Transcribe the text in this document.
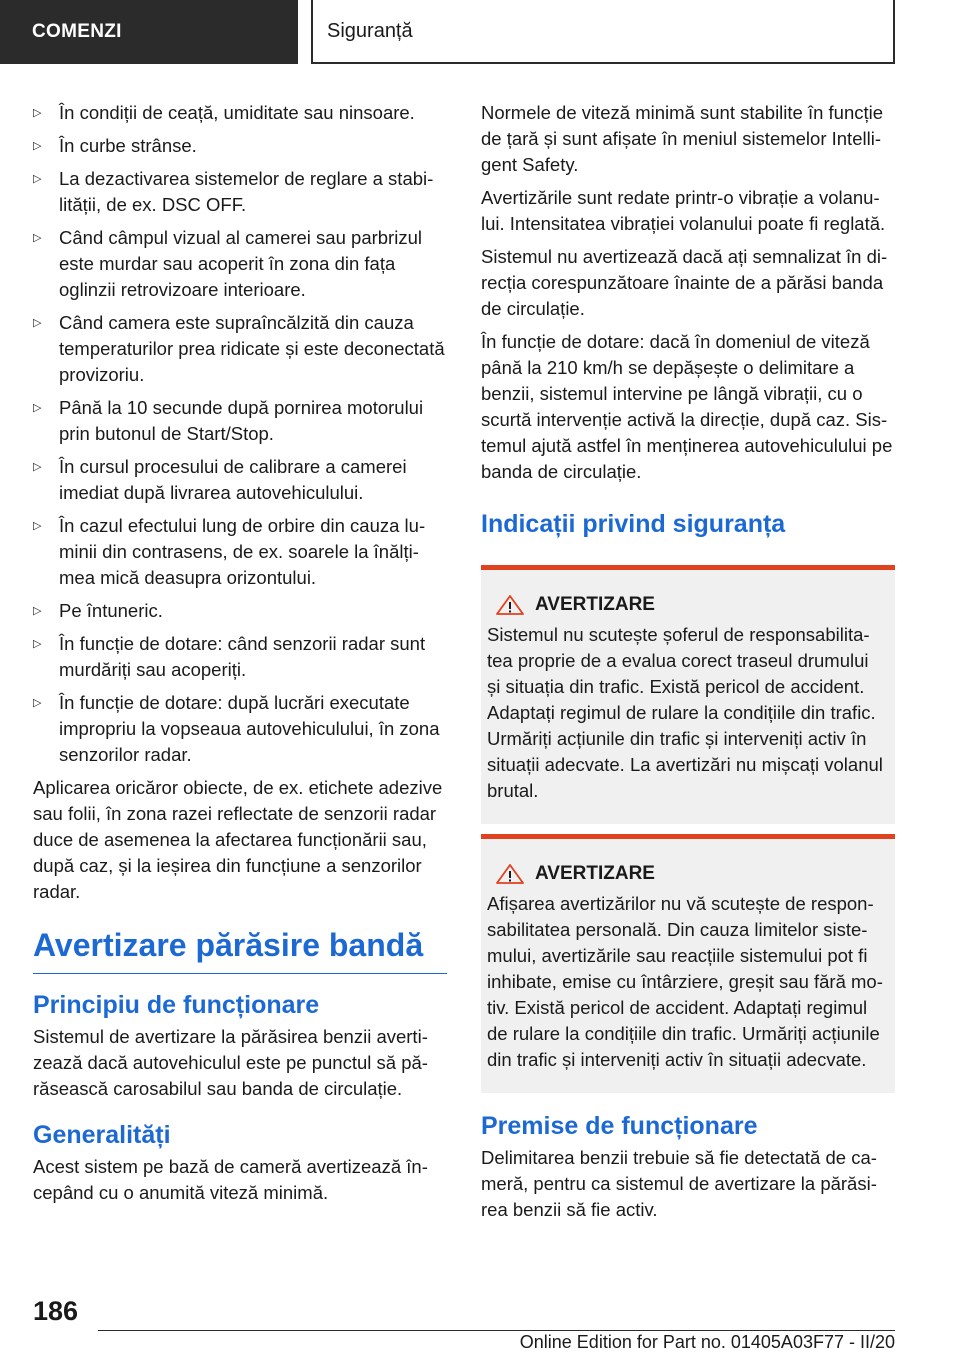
COMENZI	Siguranță
▷ În condiții de ceață, umiditate sau ninsoare.
▷ În curbe strânse.
▷ La dezactivarea sistemelor de reglare a stabilității, de ex. DSC OFF.
▷ Când câmpul vizual al camerei sau parbrizul este murdar sau acoperit în zona din fața oglinzii retrovizoare interioare.
▷ Când camera este supraîncălzită din cauza temperaturilor prea ridicate și este deconectată provizoriu.
▷ Până la 10 secunde după pornirea motorului prin butonul de Start/Stop.
▷ În cursul procesului de calibrare a camerei imediat după livrarea autovehiculului.
▷ În cazul efectului lung de orbire din cauza luminii din contrasens, de ex. soarele la înălțimea mică deasupra orizontului.
▷ Pe întuneric.
▷ În funcție de dotare: când senzorii radar sunt murdăriți sau acoperiți.
▷ În funcție de dotare: după lucrări executate impropriu la vopseaua autovehiculului, în zona senzorilor radar.

Aplicarea oricăror obiecte, de ex. etichete adezive sau folii, în zona razei reflectate de senzorii radar duce de asemenea la afectarea funcționării sau, după caz, și la ieșirea din funcțiune a senzorilor radar.

Avertizare părăsire bandă
Principiu de funcționare

Sistemul de avertizare la părăsirea benzii avertizează dacă autovehiculul este pe punctul să părăsească carosabilul sau banda de circulație.

Generalități

Acest sistem pe bază de cameră avertizează începând cu o anumită viteză minimă.

Normele de viteză minimă sunt stabilite în funcție de țară și sunt afișate în meniul sistemelor Intelligent Safety.

Avertizările sunt redate printr-o vibrație a volanului. Intensitatea vibrației volanului poate fi reglată.

Sistemul nu avertizează dacă ați semnalizat în direcția corespunzătoare înainte de a părăsi banda de circulație.

În funcție de dotare: dacă în domeniul de viteză până la 210 km/h se depășește o delimitare a benzii, sistemul intervine pe lângă vibrații, cu o scurtă intervenție activă la direcție, după caz. Sistemul ajută astfel în menținerea autovehiculului pe banda de circulație.

Indicații privind siguranța
AVERTIZARE

Sistemul nu scutește șoferul de responsabilitatea proprie de a evalua corect traseul drumului și situația din trafic. Există pericol de accident. Adaptați regimul de rulare la condițiile din trafic. Urmăriți acțiunile din trafic și interveniți activ în situații adecvate. La avertizări nu mișcați volanul brutal.

AVERTIZARE

Afișarea avertizărilor nu vă scutește de responsabilitatea personală. Din cauza limitelor sistemului, avertizările sau reacțiile sistemului pot fi inhibate, emise cu întârziere, greșit sau fără motiv. Există pericol de accident. Adaptați regimul de rulare la condițiile din trafic. Urmăriți acțiunile din trafic și interveniți activ în situații adecvate.

Premise de funcționare

Delimitarea benzii trebuie să fie detectată de cameră, pentru ca sistemul de avertizare la părăsirea benzii să fie activ.

186
Online Edition for Part no. 01405A03F77 - II/20
